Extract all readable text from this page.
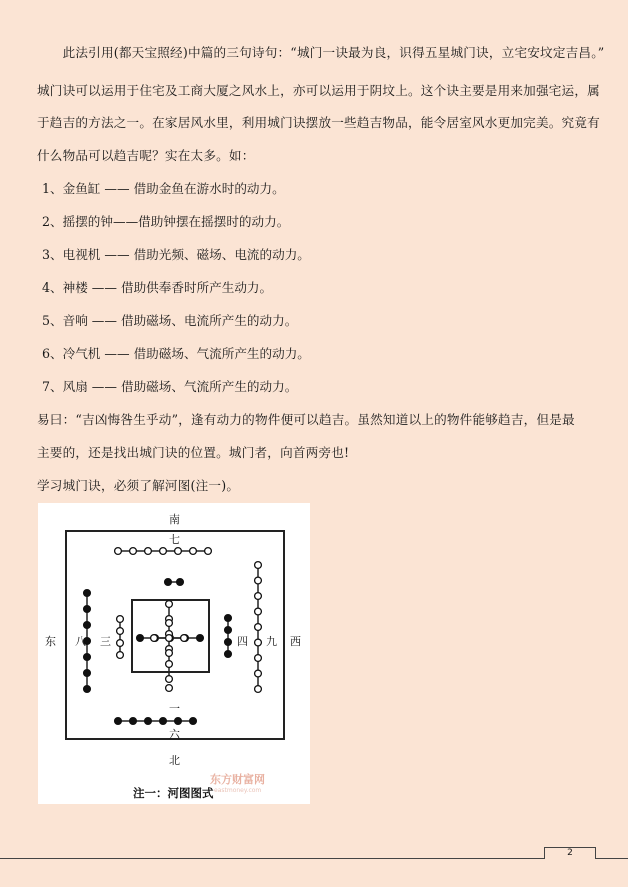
　　此法引用(都天宝照经)中篇的三句诗句：“城门一诀最为良，识得五星城门诀，立宅安坟定吉昌。”
城门诀可以运用于住宅及工商大厦之风水上，亦可以运用于阴坟上。这个诀主要是用来加强宅运，属
于趋吉的方法之一。在家居风水里，利用城门诀摆放一些趋吉物品，能令居室风水更加完美。究竟有
什么物品可以趋吉呢？实在太多。如：
1、金鱼缸 —— 借助金鱼在游水时的动力。
2、摇摆的钟——借助钟摆在摇摆时的动力。
3、电视机 —— 借助光频、磁场、电流的动力。
4、神楼 —— 借助供奉香时所产生动力。
5、音响 —— 借助磁场、电流所产生的动力。
6、冷气机 —— 借助磁场、气流所产生的动力。
7、风扇 —— 借助磁场、气流所产生的动力。
易曰：“吉凶悔咎生乎动”，逢有动力的物件便可以趋吉。虽然知道以上的物件能够趋吉，但是最
主要的，还是找出城门诀的位置。城门者，向首两旁也!
学习城门诀，必须了解河图(注一)。
南
北
东	西
七
八 三	四 九
一
六
注一：河图图式
东方财富网
eastmoney.com
2
